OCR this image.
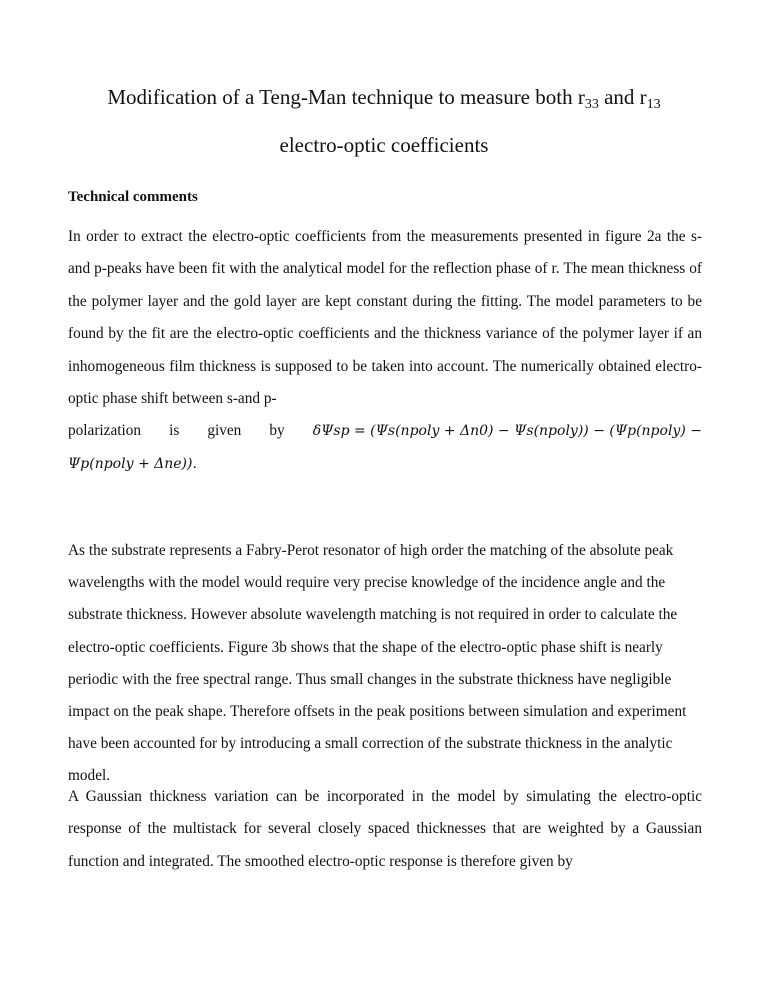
Modification of a Teng-Man technique to measure both $r_{33}$ and $r_{13}$
electro-optic coefficients
Technical comments
In order to extract the electro-optic coefficients from the measurements presented in figure 2a the s- and p-peaks have been fit with the analytical model for the reflection phase of r. The mean thickness of the polymer layer and the gold layer are kept constant during the fitting. The model parameters to be found by the fit are the electro-optic coefficients and the thickness variance of the polymer layer if an inhomogeneous film thickness is supposed to be taken into account. The numerically obtained electro-optic phase shift between s-and p-
polarization is given by δΨsp = (Ψs(npoly + Δn0) − Ψs(npoly)) − (Ψp(npoly) −
Ψp(npoly + Δne)).
As the substrate represents a Fabry-Perot resonator of high order the matching of the absolute peak wavelengths with the model would require very precise knowledge of the incidence angle and the substrate thickness. However absolute wavelength matching is not required in order to calculate the electro-optic coefficients. Figure 3b shows that the shape of the electro-optic phase shift is nearly periodic with the free spectral range. Thus small changes in the substrate thickness have negligible impact on the peak shape. Therefore offsets in the peak positions between simulation and experiment have been accounted for by introducing a small correction of the substrate thickness in the analytic model.
A Gaussian thickness variation can be incorporated in the model by simulating the electro-optic response of the multistack for several closely spaced thicknesses that are weighted by a Gaussian function and integrated. The smoothed electro-optic response is therefore given by
